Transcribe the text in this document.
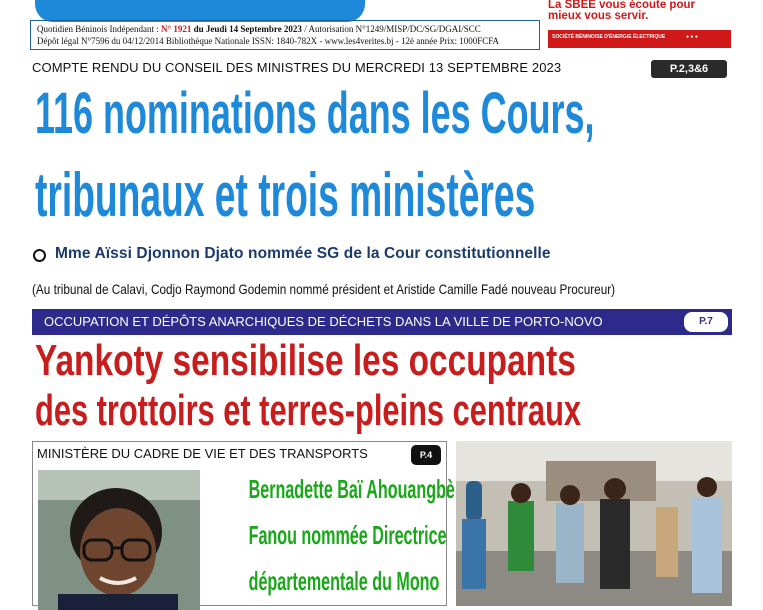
Quotidien Béninois Indépendant : N° 1921 du Jeudi 14 Septembre 2023 / Autorisation N°1249/MISP/DC/SG/DGAI/SCC
Dépôt légal N°7596 du 04/12/2014 Bibliothèque Nationale ISSN: 1840-782X - www.les4verites.bj - 12è année Prix: 1000FCFA
La SBEE vous écoute pour
mieux vous servir.
SOCIÉTÉ BÉNINOISE D'ÉNERGIE ÉLECTRIQUE	● ● ●
COMPTE RENDU DU CONSEIL DES MINISTRES DU MERCREDI 13 SEPTEMBRE 2023	P.2,3&6
116 nominations dans les Cours,
tribunaux et trois ministères
Mme Aïssi Djonnon Djato nommée SG de la Cour constitutionnelle
(Au tribunal de Calavi, Codjo Raymond Godemin nommé président et Aristide Camille Fadé nouveau Procureur)
OCCUPATION ET DÉPÔTS ANARCHIQUES DE DÉCHETS DANS LA VILLE DE PORTO-NOVO	P.7
Yankoty sensibilise les occupants
des trottoirs et terres-pleins centraux
MINISTÈRE DU CADRE DE VIE ET DES TRANSPORTS	P.4
Bernadette Baï Ahouangbè
Fanou nommée Directrice
départementale du Mono
